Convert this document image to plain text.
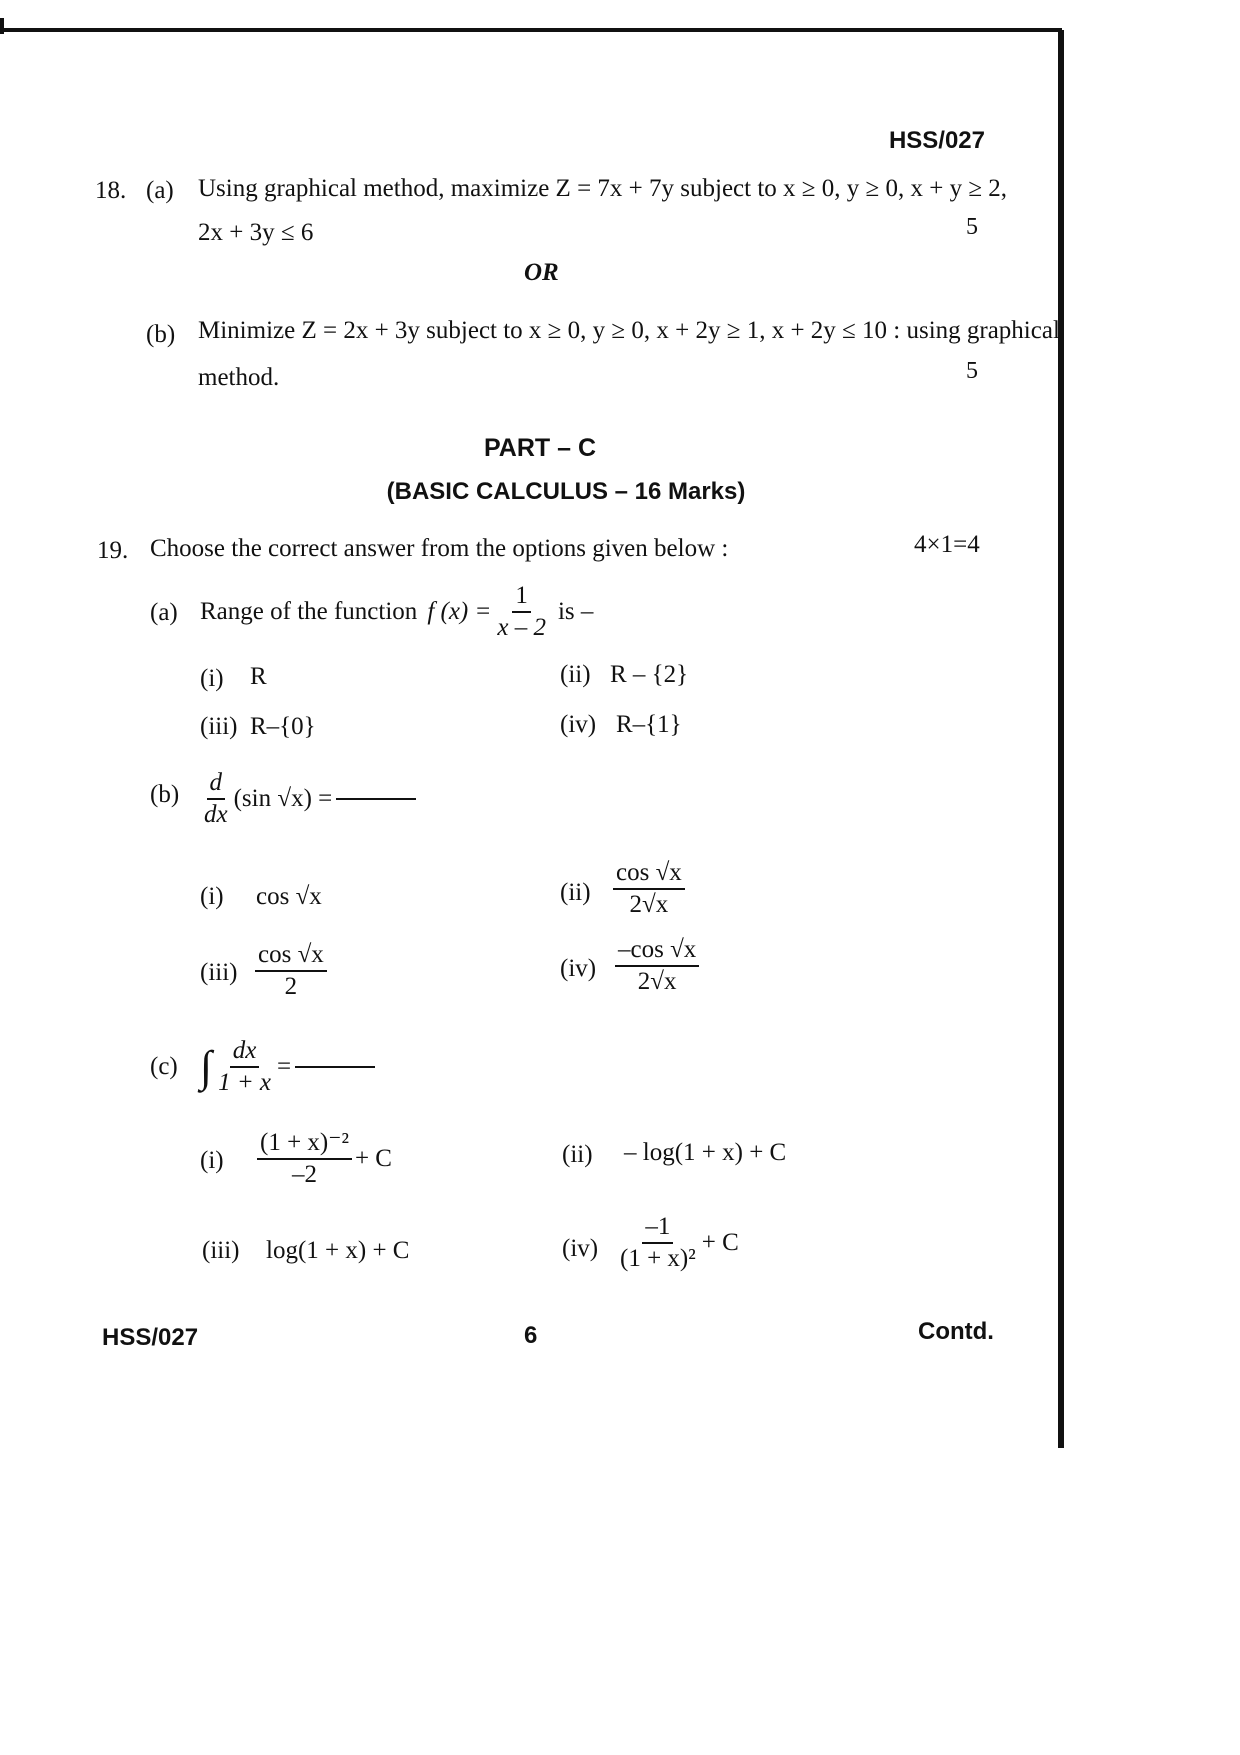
HSS/027
18. (a) Using graphical method, maximize Z = 7x + 7y subject to x ≥ 0, y ≥ 0, x + y ≥ 2,
2x + 3y ≤ 6	5
OR
(b) Minimize Z = 2x + 3y subject to x ≥ 0, y ≥ 0, x + 2y ≥ 1, x + 2y ≤ 10 : using graphical
method.	5
PART – C
(BASIC CALCULUS – 16 Marks)
19. Choose the correct answer from the options given below :	4×1=4
(a) Range of the function f $(x) = \frac{1}{x - 2}$ is –
(i) R	(ii) R – {2}
(iii) R–{0}	(iv) R–{1}
$(b) \frac{d}{dx} (\sin$ √x) =
(i) cos √x	$(ii) \frac{\cos √x}{2√x}$
$(iii) \frac{\cos √x}{2}$	$(iv) \frac{-\cos √x}{2√x}$
(c) ∫ $\frac{dx}{1 + x}$ =
$(i) \frac{\text{(1 + x)⁻²}}{-2} + C$	(ii) – log(1 + x) + C
(iii) log(1 + x) + C	$(iv) \frac{-1}{\text{(1 + x)²}} + C$
HSS/027	6	Contd.
